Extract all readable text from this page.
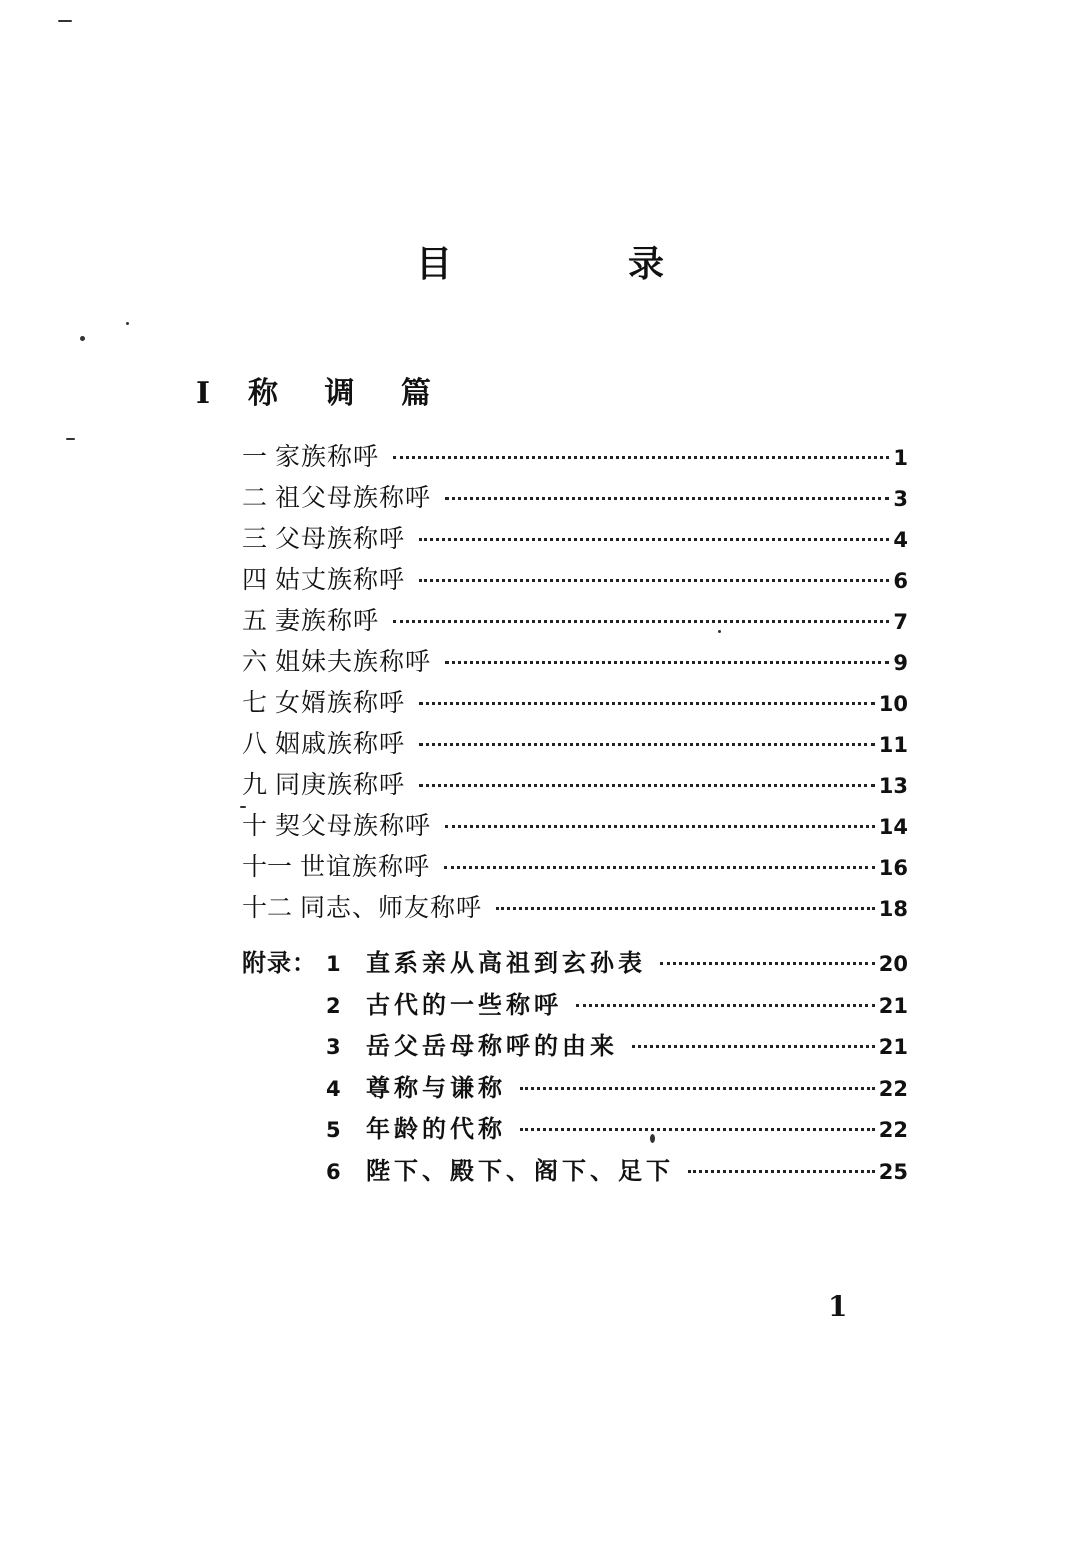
目　录
I 称 调 篇
一 家族称呼	1
二 祖父母族称呼	3
三 父母族称呼	4
四 姑丈族称呼	6
五 妻族称呼	7
六 姐妹夫族称呼	9
七 女婿族称呼	10
八 姻戚族称呼	11
九 同庚族称呼	13
十 契父母族称呼	14
十一 世谊族称呼	16
十二 同志、师友称呼	18
附录： 1	直系亲从高祖到玄孙表	20
2	古代的一些称呼	21
3	岳父岳母称呼的由来	21
4	尊称与谦称	22
5	年龄的代称	22
6	陛下、殿下、阁下、足下	25
1
